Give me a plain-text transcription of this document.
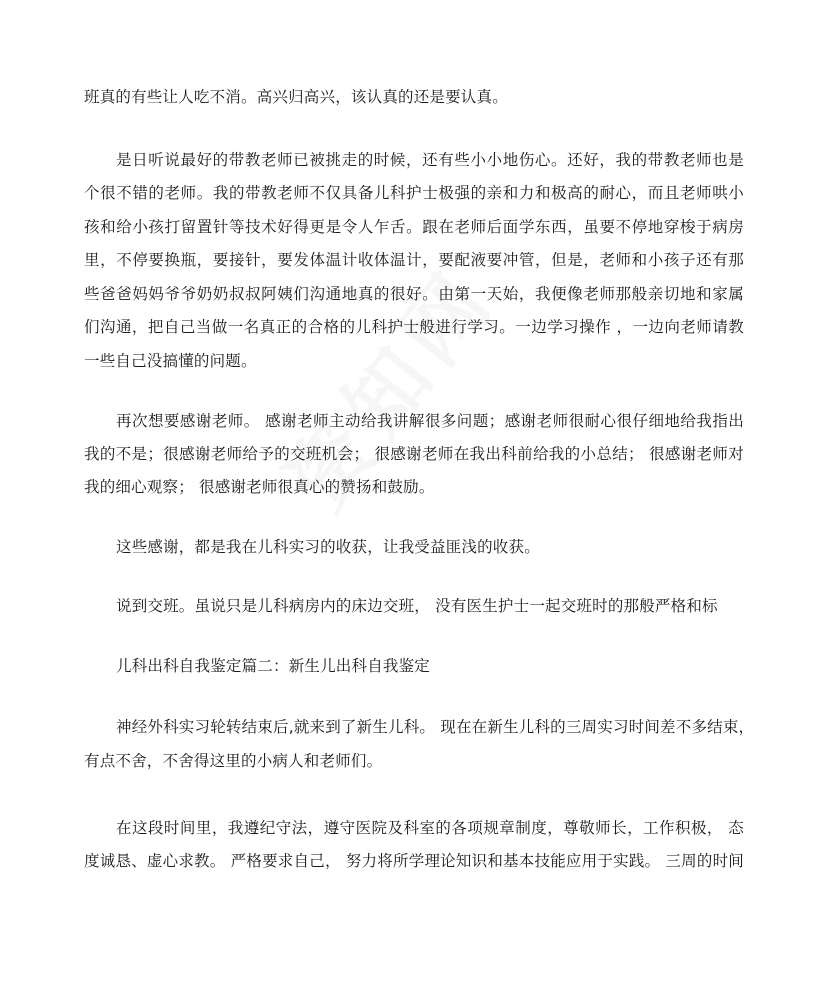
班真的有些让人吃不消。高兴归高兴，该认真的还是要认真。
是日听说最好的带教老师已被挑走的时候，还有些小小地伤心。还好，我的带教老师也是
个很不错的老师。我的带教老师不仅具备儿科护士极强的亲和力和极高的耐心，而且老师哄小
孩和给小孩打留置针等技术好得更是令人乍舌。跟在老师后面学东西，虽要不停地穿梭于病房
里，不停要换瓶，要接针，要发体温计收体温计，要配液要冲管，但是，老师和小孩子还有那
些爸爸妈妈爷爷奶奶叔叔阿姨们沟通地真的很好。由第一天始，我便像老师那般亲切地和家属
们沟通，把自己当做一名真正的合格的儿科护士般进行学习。一边学习操作 ，一边向老师请教
一些自己没搞懂的问题。
再次想要感谢老师。 感谢老师主动给我讲解很多问题；感谢老师很耐心很仔细地给我指出
我的不是；很感谢老师给予的交班机会； 很感谢老师在我出科前给我的小总结； 很感谢老师对
我的细心观察； 很感谢老师很真心的赞扬和鼓励。
这些感谢，都是我在儿科实习的收获，让我受益匪浅的收获。
说到交班。虽说只是儿科病房内的床边交班， 没有医生护士一起交班时的那般严格和标
儿科出科自我鉴定篇二：新生儿出科自我鉴定
神经外科实习轮转结束后,就来到了新生儿科。 现在在新生儿科的三周实习时间差不多结束，
有点不舍，不舍得这里的小病人和老师们。
在这段时间里，我遵纪守法，遵守医院及科室的各项规章制度，尊敬师长，工作积极， 态
度诚恳、虚心求教。 严格要求自己， 努力将所学理论知识和基本技能应用于实践。 三周的时间
